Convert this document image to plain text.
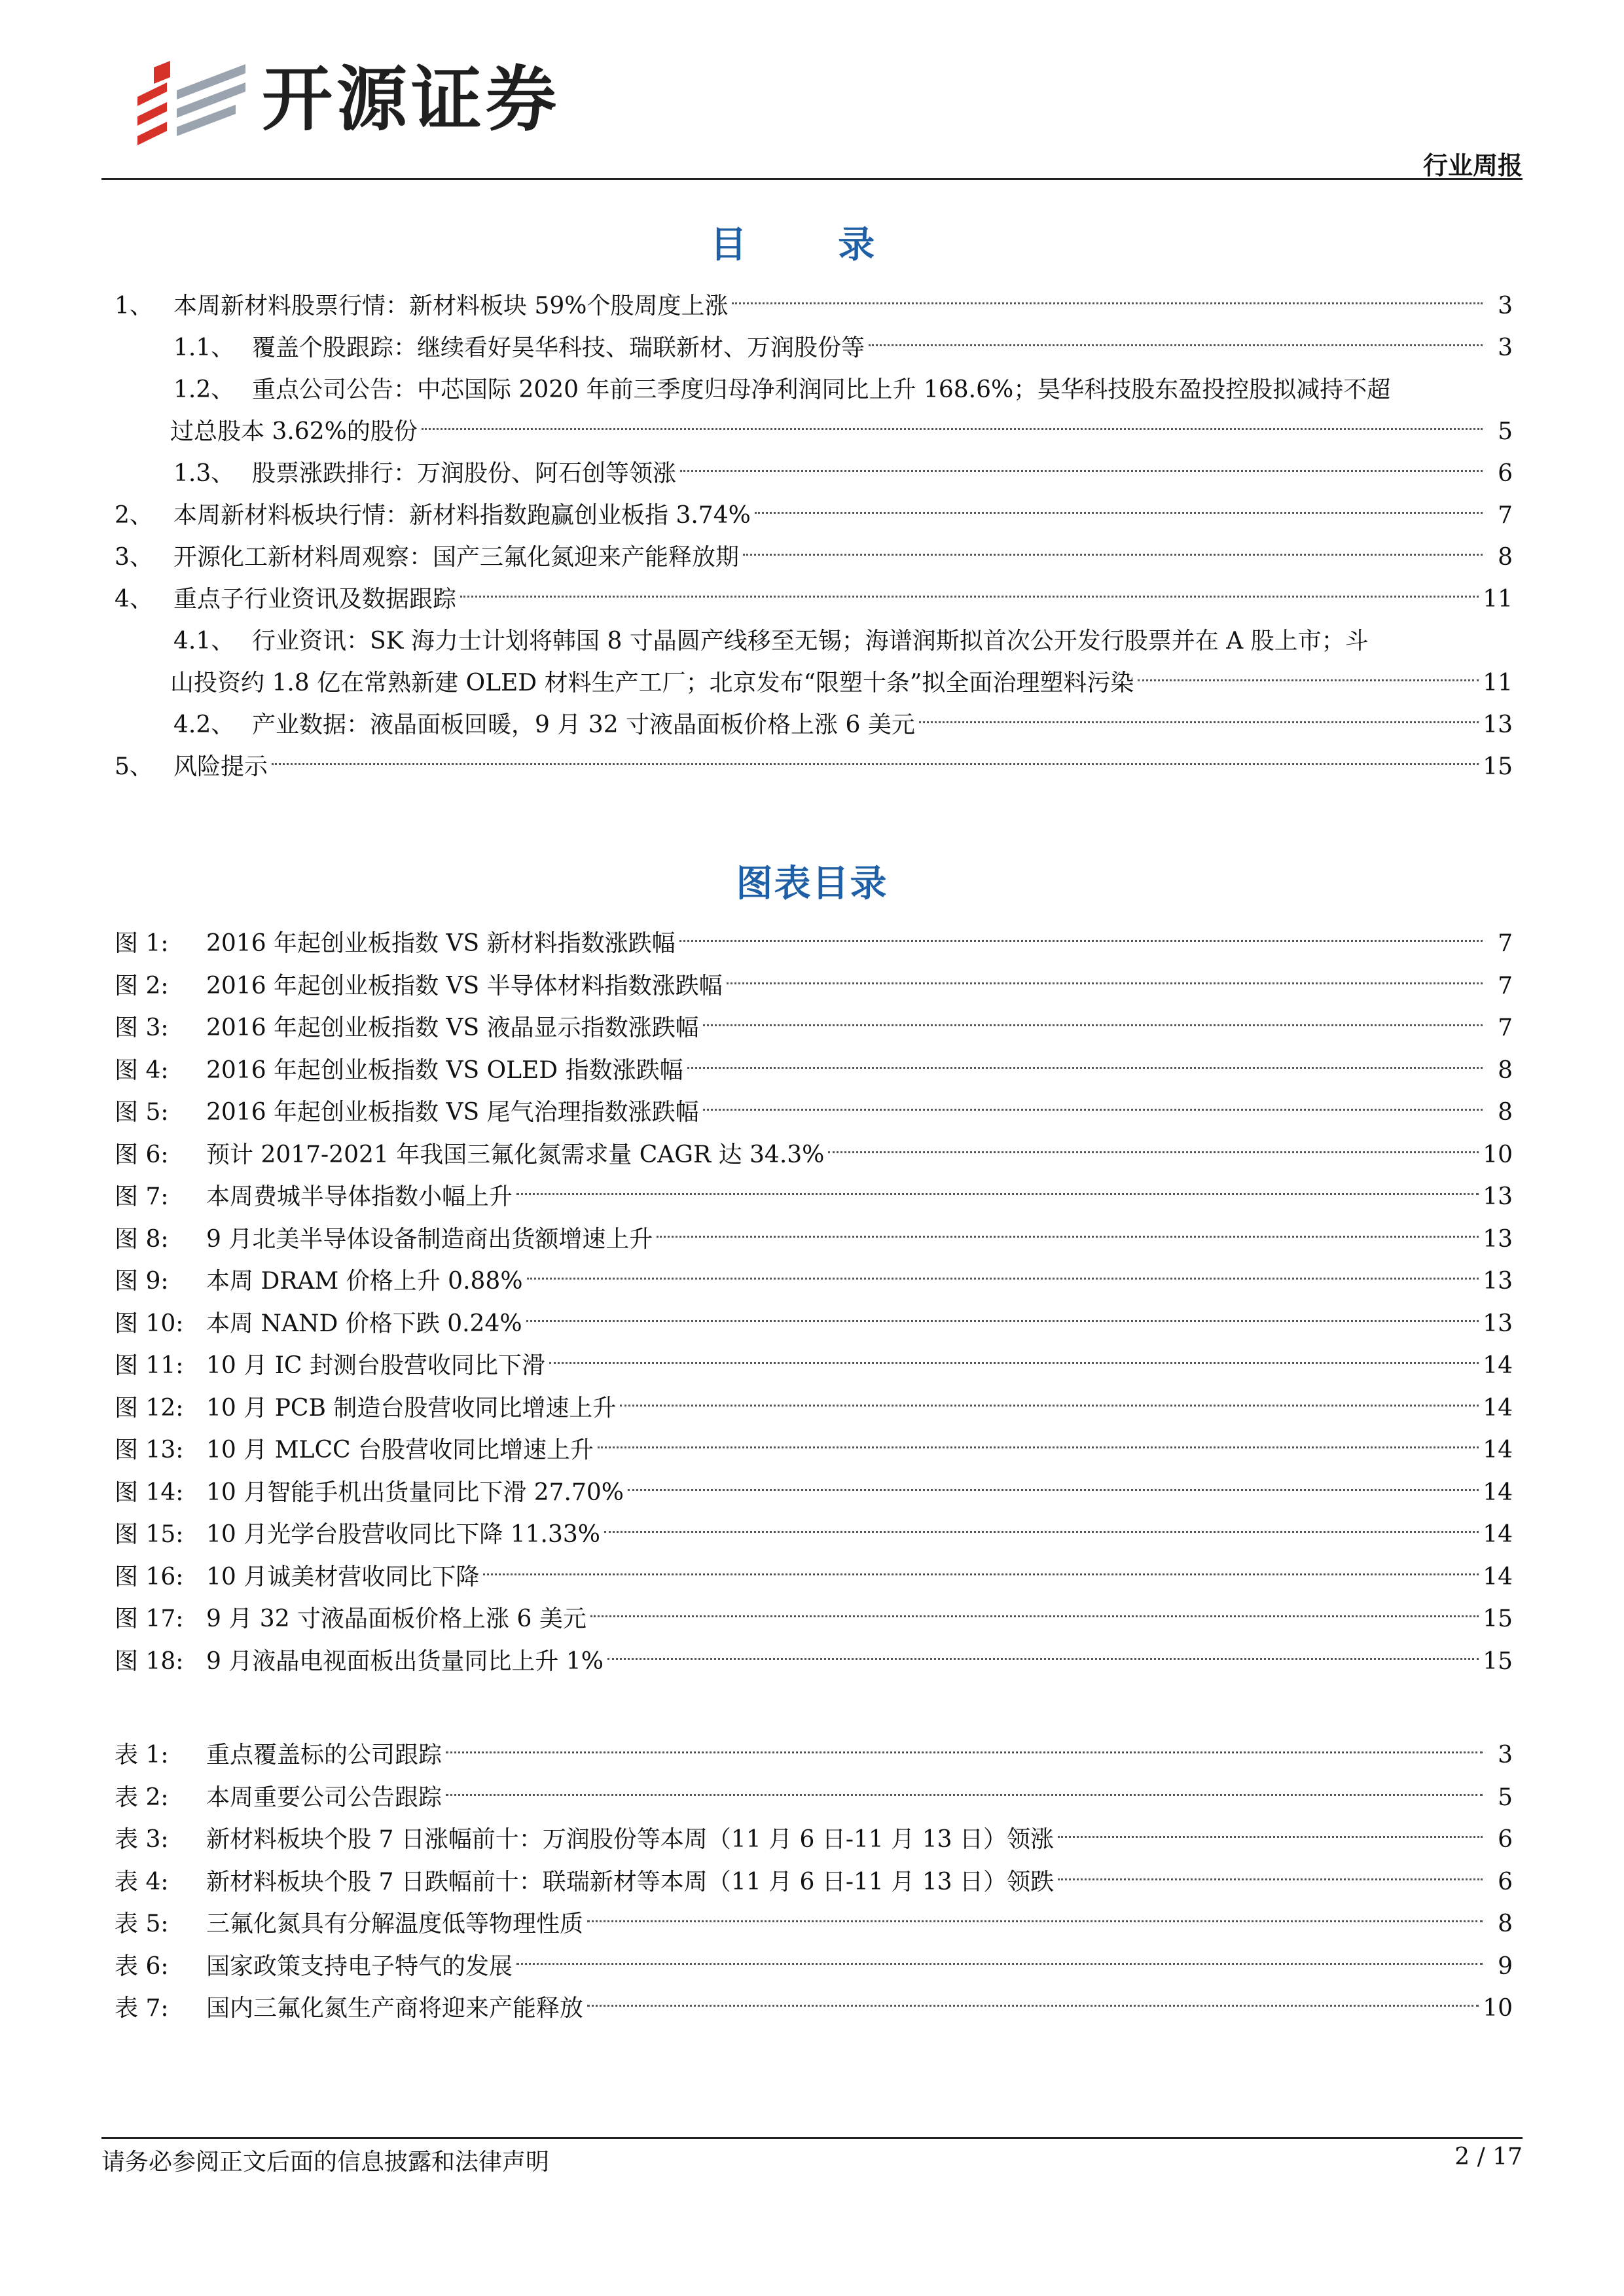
开源证券
行业周报
目 录
1、 本周新材料股票行情：新材料板块 59%个股周度上涨	3
1.1、 覆盖个股跟踪：继续看好昊华科技、瑞联新材、万润股份等	3
1.2、 重点公司公告：中芯国际 2020 年前三季度归母净利润同比上升 168.6%；昊华科技股东盈投控股拟减持不超
过总股本 3.62%的股份	5
1.3、 股票涨跌排行：万润股份、阿石创等领涨	6
2、 本周新材料板块行情：新材料指数跑赢创业板指 3.74%	7
3、 开源化工新材料周观察：国产三氟化氮迎来产能释放期	8
4、 重点子行业资讯及数据跟踪	11
4.1、 行业资讯：SK 海力士计划将韩国 8 寸晶圆产线移至无锡；海谱润斯拟首次公开发行股票并在 A 股上市；斗
山投资约 1.8 亿在常熟新建 OLED 材料生产工厂；北京发布“限塑十条”拟全面治理塑料污染	11
4.2、 产业数据：液晶面板回暖，9 月 32 寸液晶面板价格上涨 6 美元	13
5、 风险提示	15
图表目录
图 1: 2016 年起创业板指数 VS 新材料指数涨跌幅	7
图 2: 2016 年起创业板指数 VS 半导体材料指数涨跌幅	7
图 3: 2016 年起创业板指数 VS 液晶显示指数涨跌幅	7
图 4: 2016 年起创业板指数 VS OLED 指数涨跌幅	8
图 5: 2016 年起创业板指数 VS 尾气治理指数涨跌幅	8
图 6: 预计 2017-2021 年我国三氟化氮需求量 CAGR 达 34.3%	10
图 7: 本周费城半导体指数小幅上升	13
图 8: 9 月北美半导体设备制造商出货额增速上升	13
图 9: 本周 DRAM 价格上升 0.88%	13
图 10: 本周 NAND 价格下跌 0.24%	13
图 11: 10 月 IC 封测台股营收同比下滑	14
图 12: 10 月 PCB 制造台股营收同比增速上升	14
图 13: 10 月 MLCC 台股营收同比增速上升	14
图 14: 10 月智能手机出货量同比下滑 27.70%	14
图 15: 10 月光学台股营收同比下降 11.33%	14
图 16: 10 月诚美材营收同比下降	14
图 17: 9 月 32 寸液晶面板价格上涨 6 美元	15
图 18: 9 月液晶电视面板出货量同比上升 1%	15
表 1: 重点覆盖标的公司跟踪	3
表 2: 本周重要公司公告跟踪	5
表 3: 新材料板块个股 7 日涨幅前十：万润股份等本周（11 月 6 日-11 月 13 日）领涨	6
表 4: 新材料板块个股 7 日跌幅前十：联瑞新材等本周（11 月 6 日-11 月 13 日）领跌	6
表 5: 三氟化氮具有分解温度低等物理性质	8
表 6: 国家政策支持电子特气的发展	9
表 7: 国内三氟化氮生产商将迎来产能释放	10
请务必参阅正文后面的信息披露和法律声明	2 / 17
